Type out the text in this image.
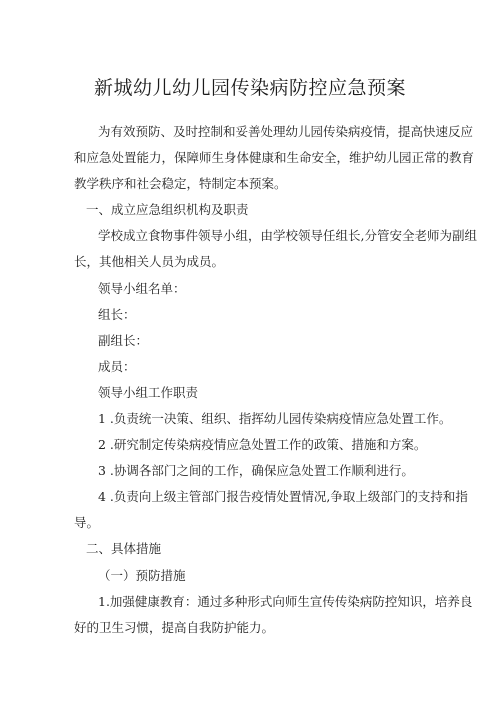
新城幼儿幼儿园传染病防控应急预案
为有效预防、及时控制和妥善处理幼儿园传染病疫情，提高快速反应
和应急处置能力，保障师生身体健康和生命安全，维护幼儿园正常的教育
教学秩序和社会稳定，特制定本预案。
一、成立应急组织机构及职责
学校成立食物事件领导小组，由学校领导任组长,分管安全老师为副组
长，其他相关人员为成员。
领导小组名单：
组长：
副组长：
成员：
领导小组工作职责
1 .负责统一决策、组织、指挥幼儿园传染病疫情应急处置工作。
2 .研究制定传染病疫情应急处置工作的政策、措施和方案。
3 .协调各部门之间的工作，确保应急处置工作顺利进行。
4 .负责向上级主管部门报告疫情处置情况,争取上级部门的支持和指
导。
二、具体措施
（一）预防措施
1.加强健康教育：通过多种形式向师生宣传传染病防控知识，培养良
好的卫生习惯，提高自我防护能力。
